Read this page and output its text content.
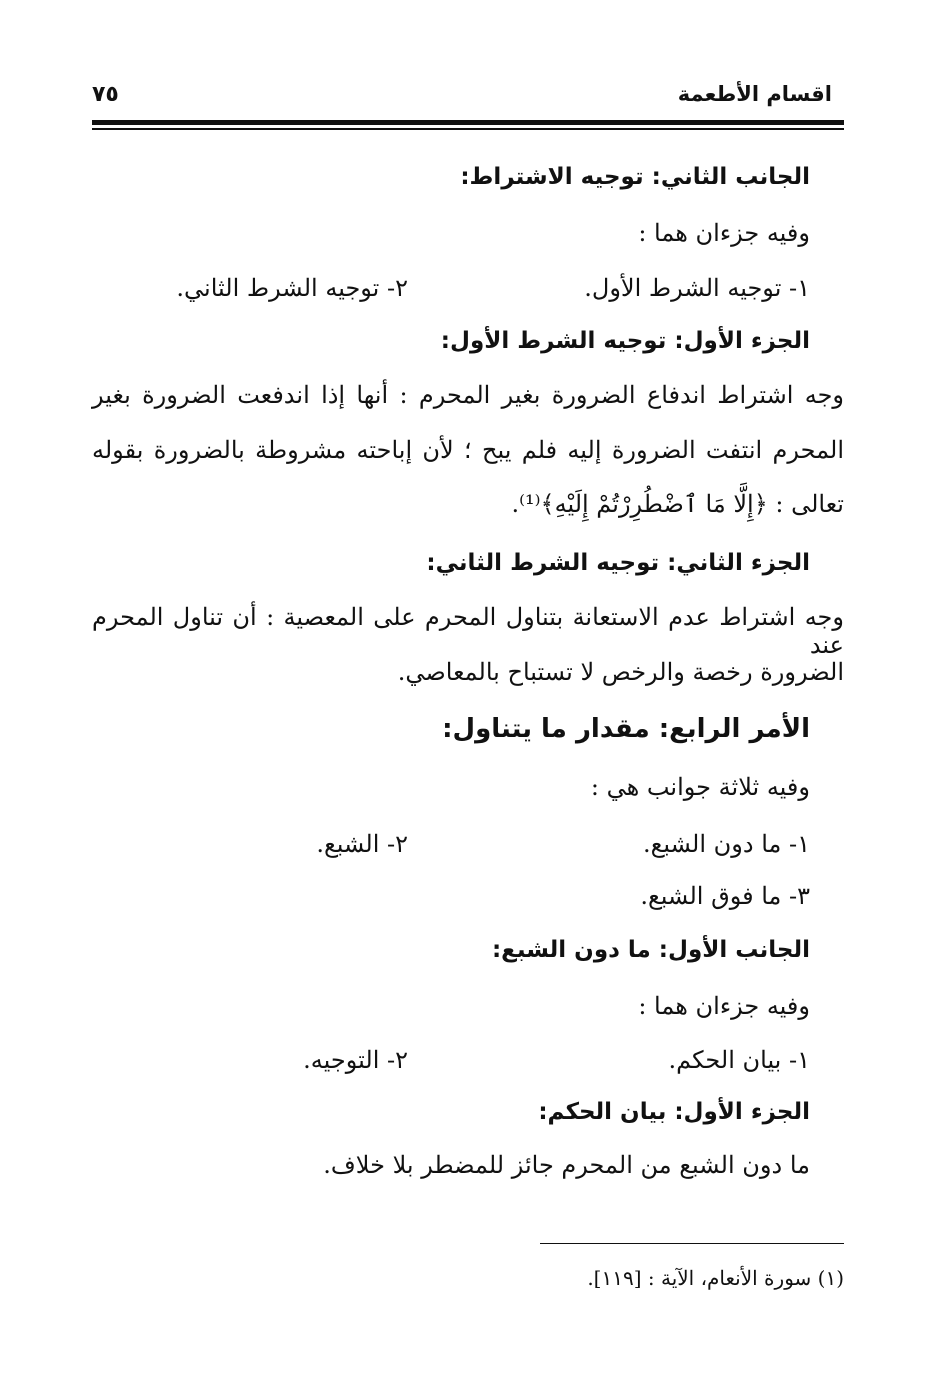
اقسام الأطعمة
٧٥
الجانب الثاني: توجيه الاشتراط:
وفيه جزءان هما :
١- توجيه الشرط الأول.
٢- توجيه الشرط الثاني.
الجزء الأول: توجيه الشرط الأول:
وجه اشتراط اندفاع الضرورة بغير المحرم : أنها إذا اندفعت الضرورة بغير
المحرم انتفت الضرورة إليه فلم يبح ؛ لأن إباحته مشروطة بالضرورة بقوله
تعالى : ﴿إِلَّا مَا ٱضْطُرِرْتُمْ إِلَيْهِ﴾⁽¹⁾.
الجزء الثاني: توجيه الشرط الثاني:
وجه اشتراط عدم الاستعانة بتناول المحرم على المعصية : أن تناول المحرم عند
الضرورة رخصة والرخص لا تستباح بالمعاصي.
الأمر الرابع: مقدار ما يتناول:
وفيه ثلاثة جوانب هي :
١- ما دون الشبع.
٢- الشبع.
٣- ما فوق الشبع.
الجانب الأول: ما دون الشبع:
وفيه جزءان هما :
١- بيان الحكم.
٢- التوجيه.
الجزء الأول: بيان الحكم:
ما دون الشبع من المحرم جائز للمضطر بلا خلاف.
(١) سورة الأنعام، الآية : [١١٩].
